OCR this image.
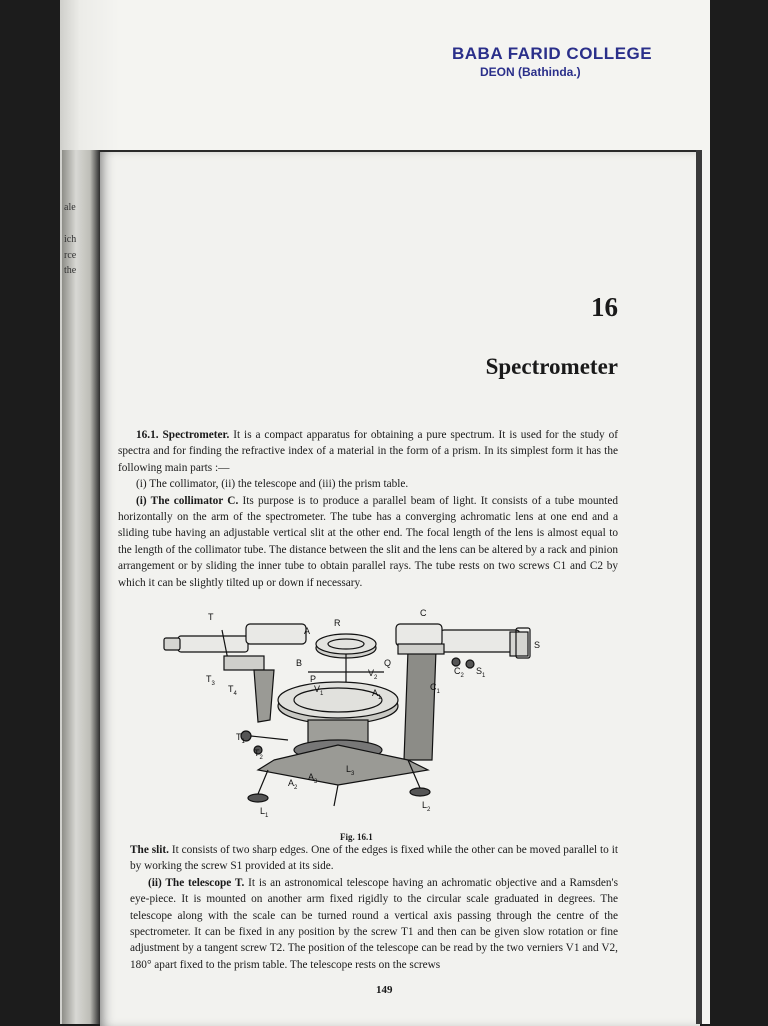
BABA FARID COLLEGE
DEON (Bathinda.)
ale
ich
rce
the
16
Spectrometer

16.1. Spectrometer. It is a compact apparatus for obtaining a pure spectrum. It is used for the study of spectra and for finding the refractive index of a material in the form of a prism. In its simplest form it has the following main parts :—

(i) The collimator, (ii) the telescope and (iii) the prism table.

(i) The collimator C. Its purpose is to produce a parallel beam of light. It consists of a tube mounted horizontally on the arm of the spectrometer. The tube has a converging achromatic lens at one end and a sliding tube having an adjustable vertical slit at the other end. The focal length of the lens is almost equal to the length of the collimator tube. The distance between the slit and the lens can be altered by a rack and pinion arrangement or by sliding the inner tube to obtain parallel rays. The tube rests on two screws C1 and C2 by which it can be slightly tilted up or down if necessary.

T
R
C
A
S
B	Q
P
$T_3$ $T_4$	$V_1$
$V_2$
$A_1$
$C_1$
$C_2$ $S_1$
$T_1$
$T_2$
$A_2$
$A_3$
$L_1$
$L_2$
$L_3$
Fig. 16.1

The slit. It consists of two sharp edges. One of the edges is fixed while the other can be moved parallel to it by working the screw S1 provided at its side.

(ii) The telescope T. It is an astronomical telescope having an achromatic objective and a Ramsden's eye-piece. It is mounted on another arm fixed rigidly to the circular scale graduated in degrees. The telescope along with the scale can be turned round a vertical axis passing through the centre of the spectrometer. It can be fixed in any position by the screw T1 and then can be given slow rotation or fine adjustment by a tangent screw T2. The position of the telescope can be read by the two verniers V1 and V2, 180° apart fixed to the prism table. The telescope rests on the screws

149
